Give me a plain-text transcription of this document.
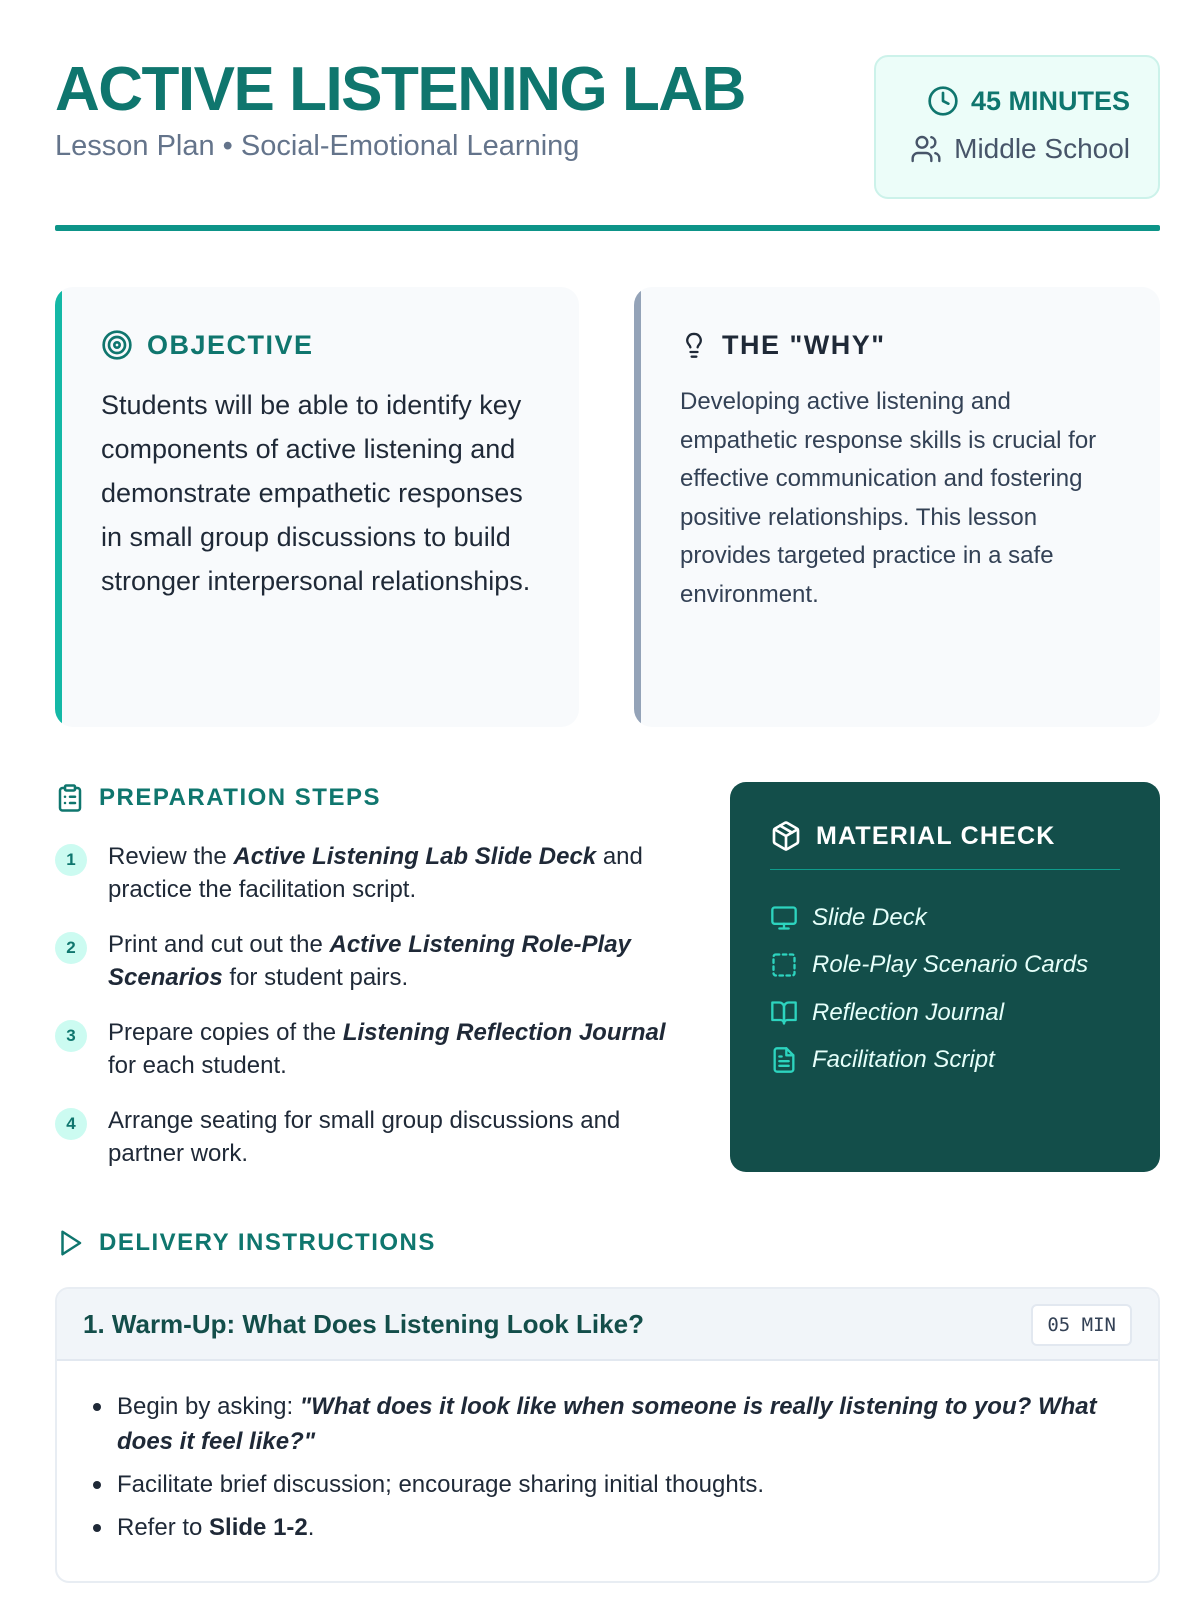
ACTIVE LISTENING LAB
Lesson Plan • Social-Emotional Learning
45 MINUTES
Middle School
OBJECTIVE

Students will be able to identify key components of active listening and demonstrate empathetic responses in small group discussions to build stronger interpersonal relationships.

THE "WHY"

Developing active listening and empathetic response skills is crucial for effective communication and fostering positive relationships. This lesson provides targeted practice in a safe environment.

PREPARATION STEPS
1	Review the Active Listening Lab Slide Deck and practice the facilitation script.
2	Print and cut out the Active Listening Role-Play Scenarios for student pairs.
3	Prepare copies of the Listening Reflection Journal for each student.
4	Arrange seating for small group discussions and partner work.
MATERIAL CHECK
Slide Deck
Role-Play Scenario Cards
Reflection Journal
Facilitation Script
DELIVERY INSTRUCTIONS
1. Warm-Up: What Does Listening Look Like?	05 MIN
Begin by asking: "What does it look like when someone is really listening to you? What does it feel like?"
Facilitate brief discussion; encourage sharing initial thoughts.
Refer to Slide 1-2.
